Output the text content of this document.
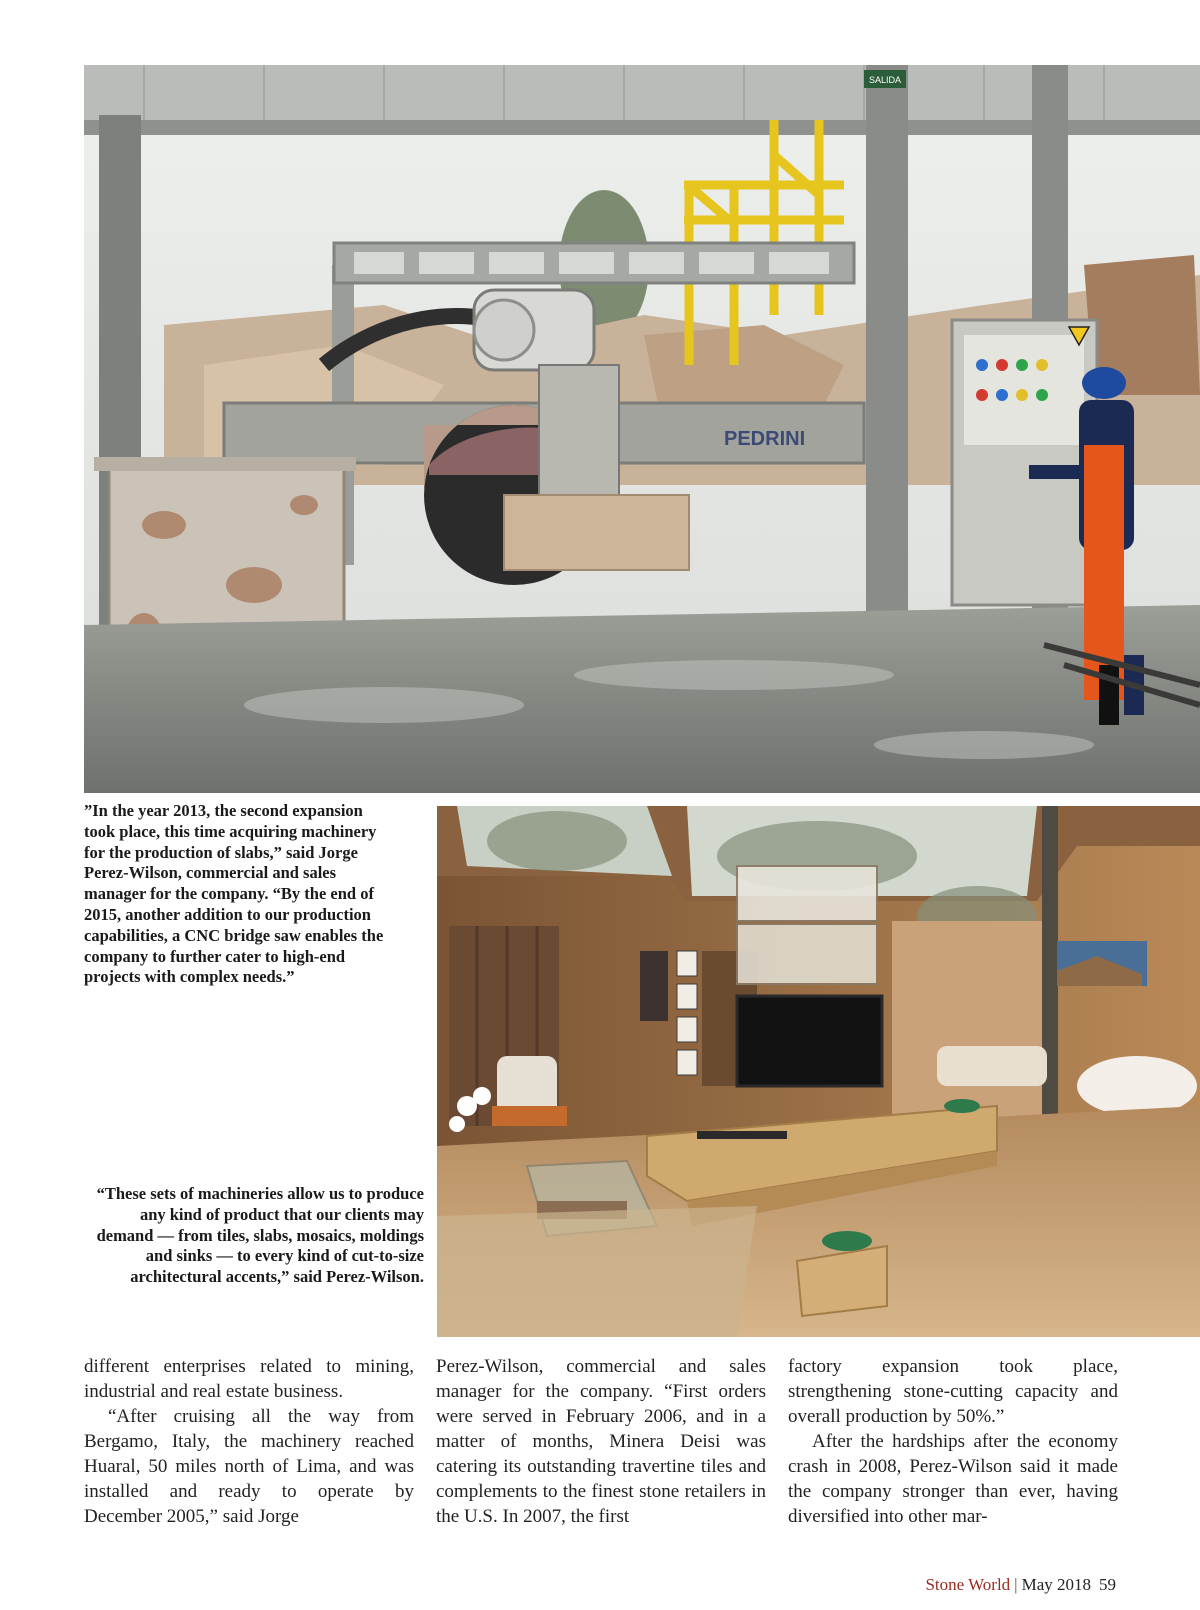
PEDRINI
SALIDA
”In the year 2013, the second expansion took place, this time acquiring machinery for the production of slabs,” said Jorge Perez-Wilson, commercial and sales manager for the company. “By the end of 2015, another addition to our production capabilities, a CNC bridge saw enables the company to further cater to high-end projects with complex needs.”
“These sets of machineries allow us to produce any kind of product that our clients may demand — from tiles, slabs, mosaics, moldings and sinks — to every kind of cut-to-size architectural accents,” said Perez-Wilson.

different enterprises related to mining, industrial and real estate business.

“After cruising all the way from Bergamo, Italy, the machinery reached Huaral, 50 miles north of Lima, and was installed and ready to operate by December 2005,” said Jorge

Perez-Wilson, commercial and sales manager for the company. “First orders were served in February 2006, and in a matter of months, Minera Deisi was catering its outstanding travertine tiles and complements to the finest stone retailers in the U.S. In 2007, the first

factory expansion took place, strengthening stone-cutting capacity and overall production by 50%.”

After the hardships after the economy crash in 2008, Perez-Wilson said it made the company stronger than ever, having diversified into other mar-

Stone World | May 2018 59
